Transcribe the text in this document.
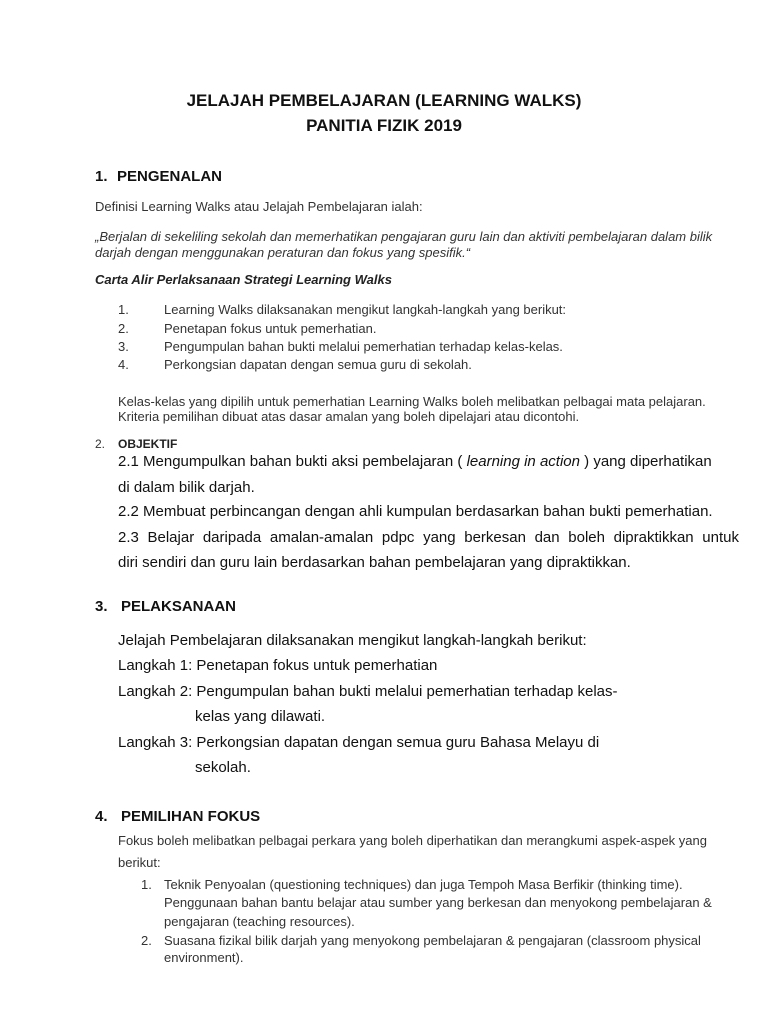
JELAJAH PEMBELAJARAN (LEARNING WALKS)
PANITIA FIZIK 2019
1. PENGENALAN
Definisi Learning Walks atau Jelajah Pembelajaran ialah:
„Berjalan di sekeliling sekolah dan memerhatikan pengajaran guru lain dan aktiviti pembelajaran dalam bilik
darjah dengan menggunakan peraturan dan fokus yang spesifik.“
Carta Alir Perlaksanaan Strategi Learning Walks
1.	Learning Walks dilaksanakan mengikut langkah-langkah yang berikut:
2.	Penetapan fokus untuk pemerhatian.
3.	Pengumpulan bahan bukti melalui pemerhatian terhadap kelas-kelas.
4.	Perkongsian dapatan dengan semua guru di sekolah.
Kelas-kelas yang dipilih untuk pemerhatian Learning Walks boleh melibatkan pelbagai mata pelajaran.
Kriteria pemilihan dibuat atas dasar amalan yang boleh dipelajari atau dicontohi.
2. OBJEKTIF
2.1 Mengumpulkan bahan bukti aksi pembelajaran ( learning in action ) yang diperhatikan
di dalam bilik darjah.
2.2 Membuat perbincangan dengan ahli kumpulan berdasarkan bahan bukti pemerhatian.
2.3 Belajar daripada amalan-amalan pdpc yang berkesan dan boleh dipraktikkan untuk
diri sendiri dan guru lain berdasarkan bahan pembelajaran yang dipraktikkan.
3. PELAKSANAAN
Jelajah Pembelajaran dilaksanakan mengikut langkah-langkah berikut:
Langkah 1: Penetapan fokus untuk pemerhatian
Langkah 2: Pengumpulan bahan bukti melalui pemerhatian terhadap kelas-
kelas yang dilawati.
Langkah 3: Perkongsian dapatan dengan semua guru Bahasa Melayu di
sekolah.
4. PEMILIHAN FOKUS
Fokus boleh melibatkan pelbagai perkara yang boleh diperhatikan dan merangkumi aspek-aspek yang
berikut:
1. Teknik Penyoalan (questioning techniques) dan juga Tempoh Masa Berfikir (thinking time).
Penggunaan bahan bantu belajar atau sumber yang berkesan dan menyokong pembelajaran &
pengajaran (teaching resources).
2. Suasana fizikal bilik darjah yang menyokong pembelajaran & pengajaran (classroom physical
environment).
